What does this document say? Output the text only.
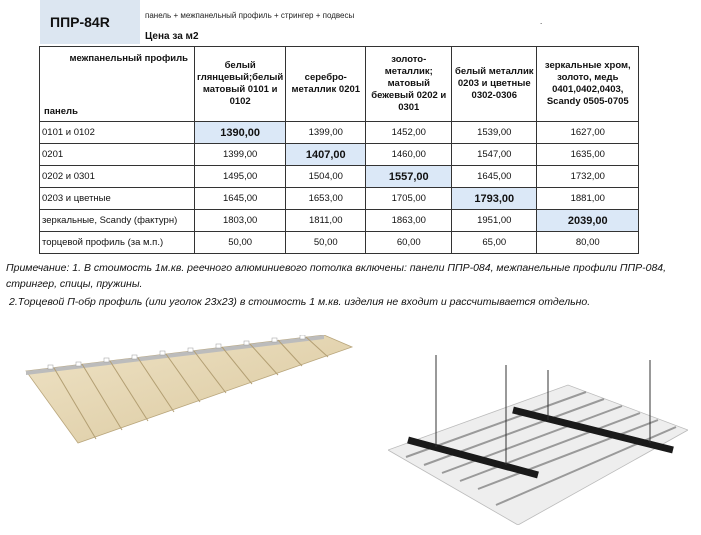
ППР-84R	панель + межпанельный профиль + стрингер + подвесы
.
Цена за м2
межпанельный профиль
панель	белый глянцевый;белый матовый 0101 и 0102	серебро-металлик 0201	золото-металлик; матовый бежевый 0202 и 0301	белый металлик 0203 и цветные 0302-0306	зеркальные хром, золото, медь 0401,0402,0403, Scandy 0505-0705
0101 и 0102	1390,00	1399,00	1452,00	1539,00	1627,00
0201	1399,00	1407,00	1460,00	1547,00	1635,00
0202 и 0301	1495,00	1504,00	1557,00	1645,00	1732,00
0203 и цветные	1645,00	1653,00	1705,00	1793,00	1881,00
зеркальные, Scandy (фактурн)	1803,00	1811,00	1863,00	1951,00	2039,00
торцевой профиль (за м.п.)	50,00	50,00	60,00	65,00	80,00
Примечание: 1. В стоимость 1м.кв. реечного алюминиевого потолка включены: панели ППР-084, межпанельные профили ППР-084, стрингер, спицы, пружины.
2.Торцевой П-обр профиль (или уголок 23х23) в стоимость 1 м.кв. изделия не входит и рассчитывается отдельно.
